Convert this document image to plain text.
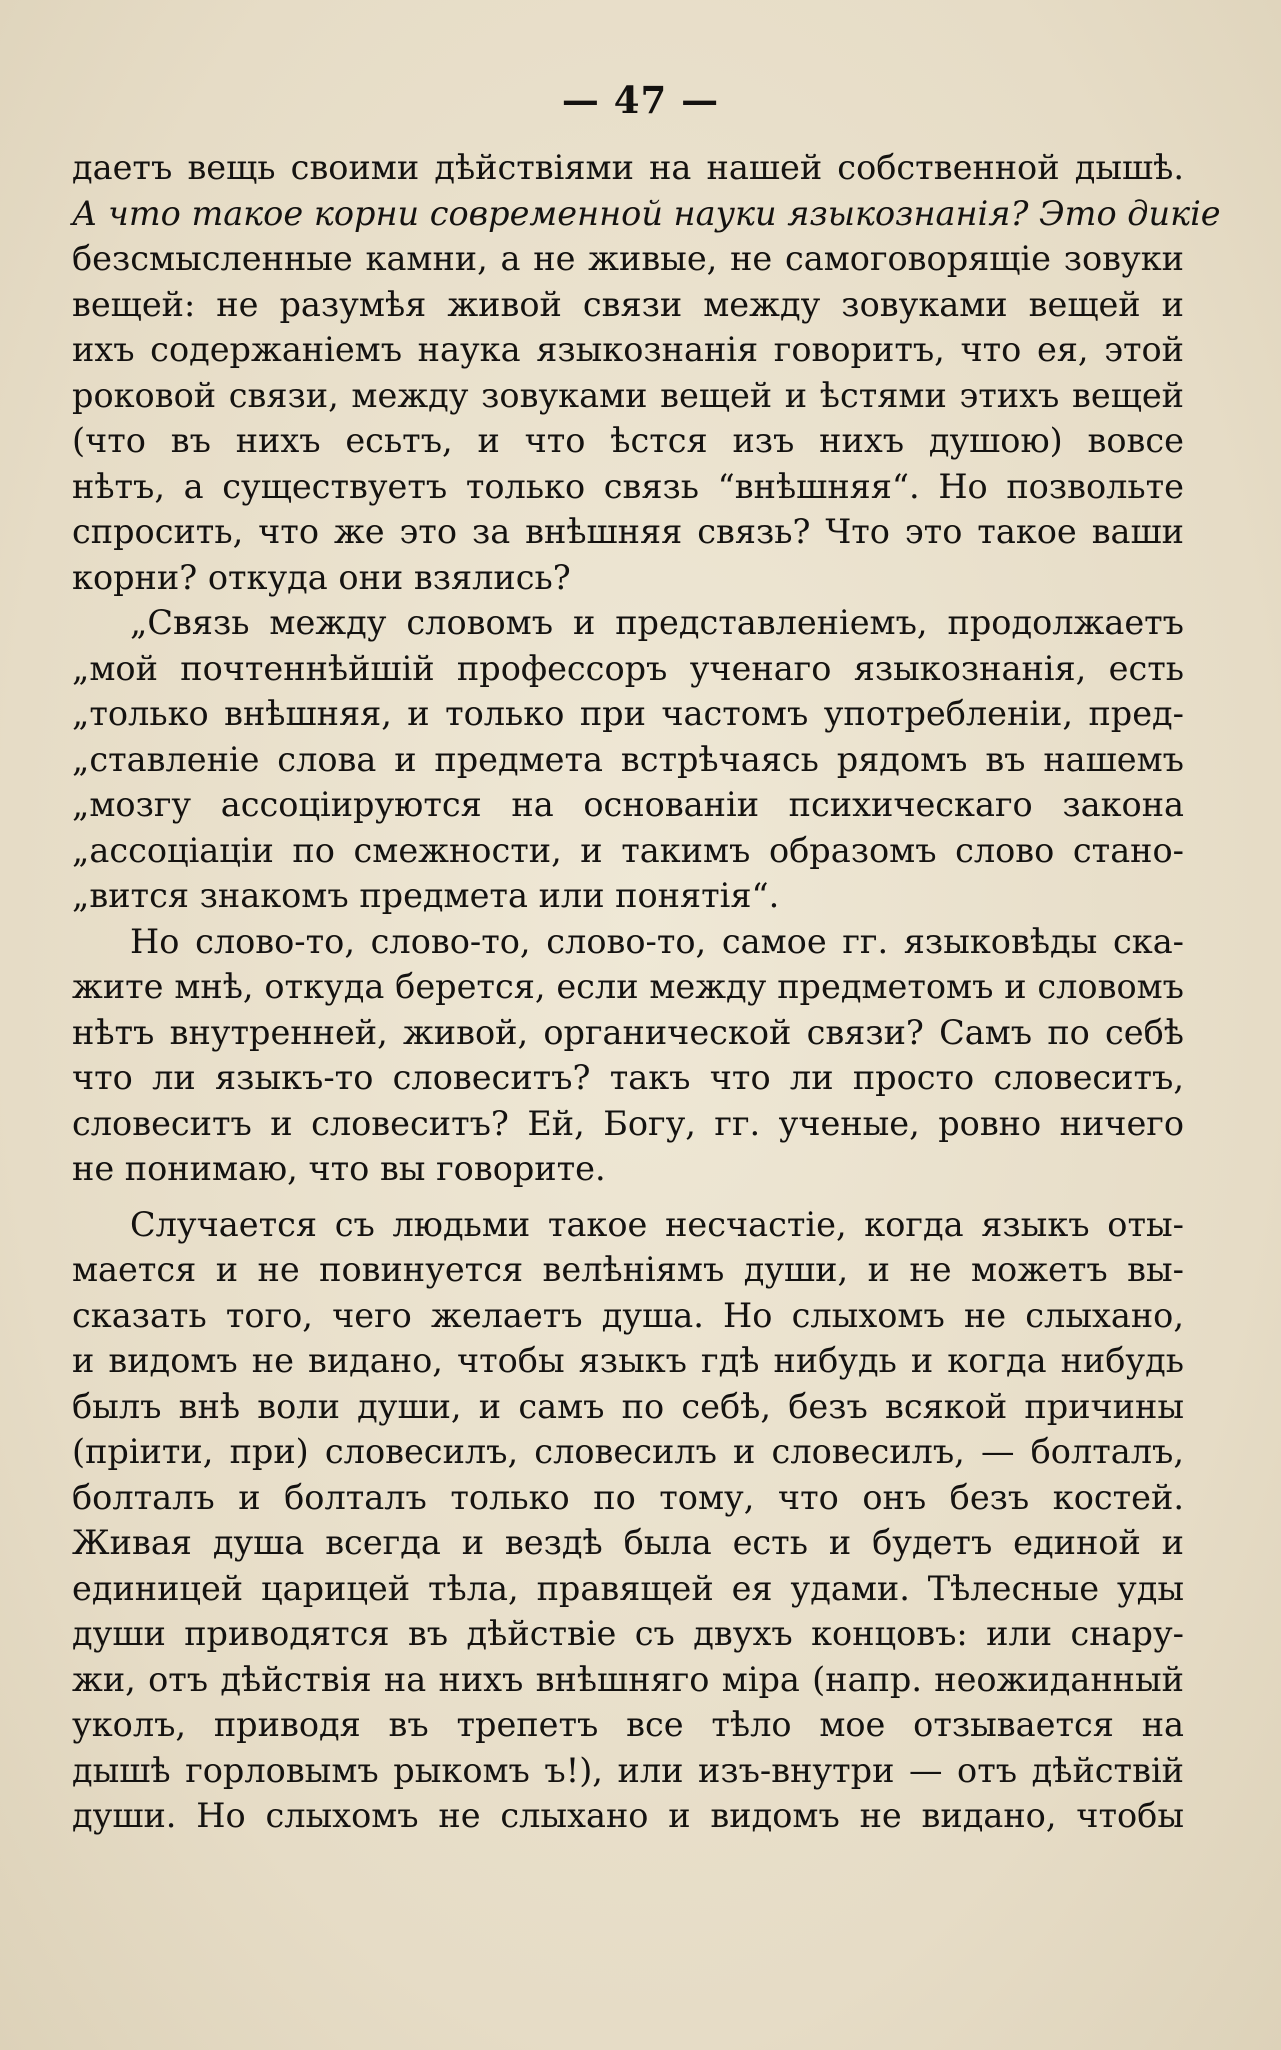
— 47 —
даетъ вещь своими дѣйствіями на нашей собственной дышѣ.
А что такое корни современной науки языкознанія? Это дикіе
безсмысленные камни, а не живые, не самоговорящіе зовуки
вещей: не разумѣя живой связи между зовуками вещей и
ихъ содержаніемъ наука языкознанія говоритъ, что ея, этой
роковой связи, между зовуками вещей и ѣстями этихъ вещей
(что въ нихъ есьтъ, и что ѣстся изъ нихъ душою) вовсе
нѣтъ, а существуетъ только связь “внѣшняя“. Но позвольте
спросить, что же это за внѣшняя связь? Что это такое ваши
корни? откуда они взялись?
„Связь между словомъ и представленіемъ, продолжаетъ
„мой почтеннѣйшій профессоръ ученаго языкознанія, есть
„только внѣшняя, и только при частомъ употребленіи, пред-
„ставленіе слова и предмета встрѣчаясь рядомъ въ нашемъ
„мозгу ассоціируются на основаніи психическаго закона
„ассоціаціи по смежности, и такимъ образомъ слово стано-
„вится знакомъ предмета или понятія“.
Но слово-то, слово-то, слово-то, самое гг. языковѣды ска-
жите мнѣ, откуда берется, если между предметомъ и словомъ
нѣтъ внутренней, живой, органической связи? Самъ по себѣ
что ли языкъ-то словеситъ? такъ что ли просто словеситъ,
словеситъ и словеситъ? Ей, Богу, гг. ученые, ровно ничего
не понимаю, что вы говорите.
Случается съ людьми такое несчастіе, когда языкъ оты-
мается и не повинуется велѣніямъ души, и не можетъ вы-
сказать того, чего желаетъ душа. Но слыхомъ не слыхано,
и видомъ не видано, чтобы языкъ гдѣ нибудь и когда нибудь
былъ внѣ воли души, и самъ по себѣ, безъ всякой причины
(пріити, при) словесилъ, словесилъ и словесилъ, — болталъ,
болталъ и болталъ только по тому, что онъ безъ костей.
Живая душа всегда и вездѣ была есть и будетъ единой и
единицей царицей тѣла, правящей ея удами. Тѣлесные уды
души приводятся въ дѣйствіе съ двухъ концовъ: или снару-
жи, отъ дѣйствія на нихъ внѣшняго міра (напр. неожиданный
уколъ, приводя въ трепетъ все тѣло мое отзывается на
дышѣ горловымъ рыкомъ ъ!), или изъ-внутри — отъ дѣйствій
души. Но слыхомъ не слыхано и видомъ не видано, чтобы
